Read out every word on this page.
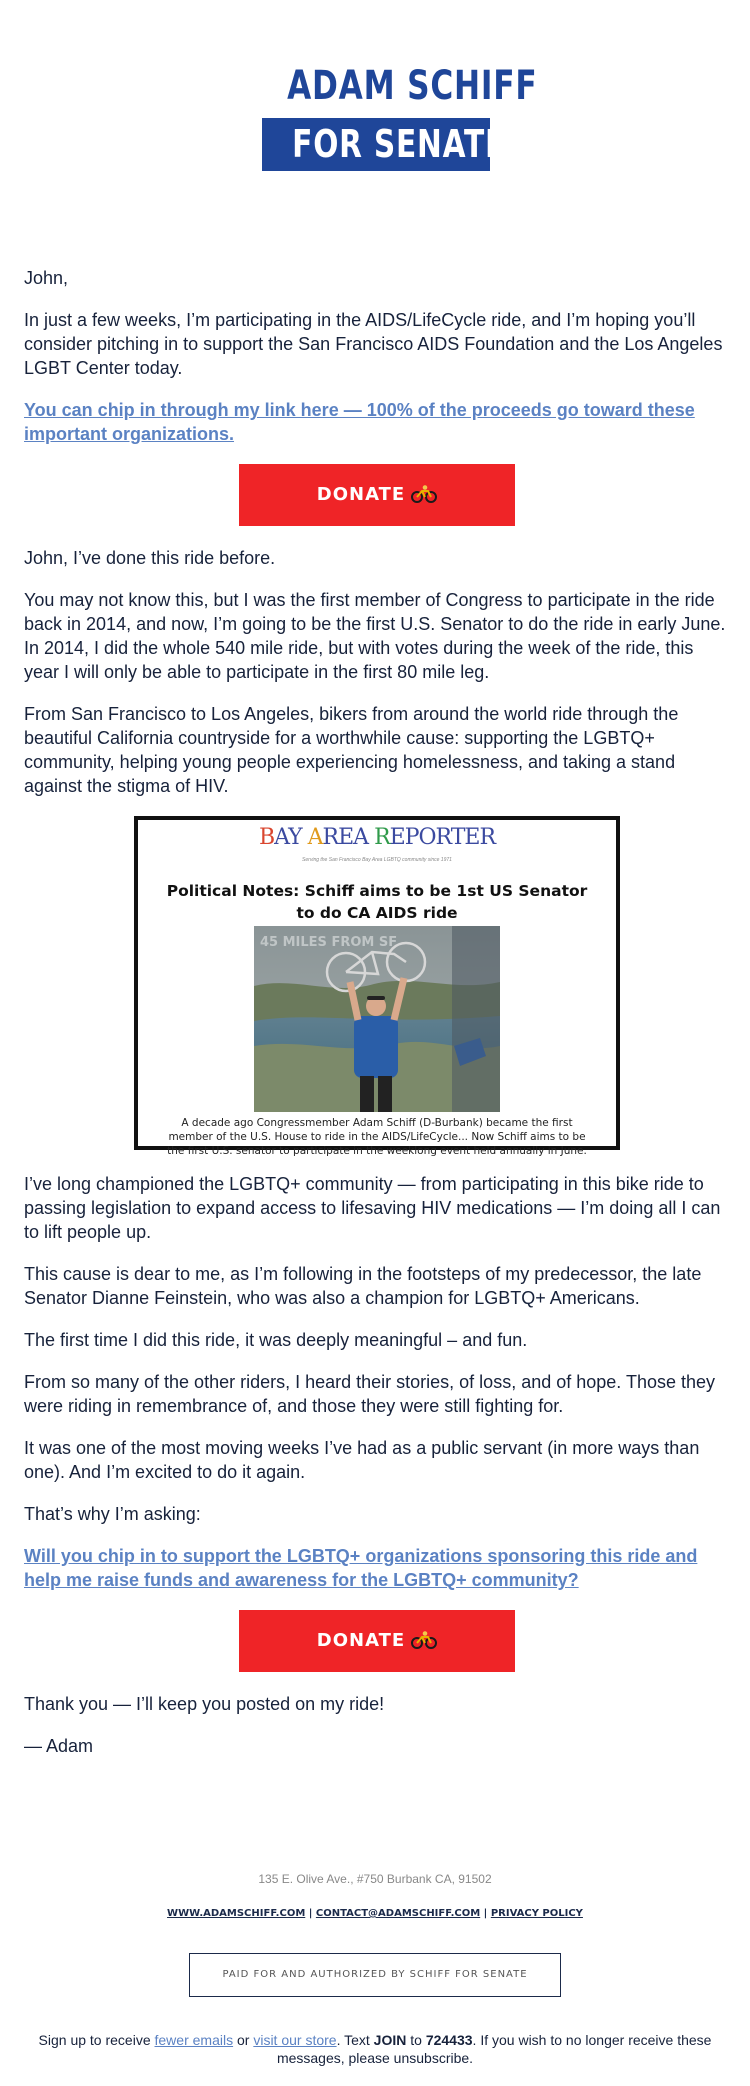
ADAM SCHIFF
FOR SENATE

John,

In just a few weeks, I’m participating in the AIDS/LifeCycle ride, and I’m hoping you’ll consider pitching in to support the San Francisco AIDS Foundation and the Los Angeles LGBT Center today.

You can chip in through my link here — 100% of the proceeds go toward these important organizations.

DONATE

John, I’ve done this ride before.

You may not know this, but I was the first member of Congress to participate in the ride back in 2014, and now, I’m going to be the first U.S. Senator to do the ride in early June. In 2014, I did the whole 540 mile ride, but with votes during the week of the ride, this year I will only be able to participate in the first 80 mile leg.

From San Francisco to Los Angeles, bikers from around the world ride through the beautiful California countryside for a worthwhile cause: supporting the LGBTQ+ community, helping young people experiencing homelessness, and taking a stand against the stigma of HIV.

BAY AREA REPORTER
Serving the San Francisco Bay Area LGBTQ community since 1971
Political Notes: Schiff aims to be 1st US Senator
to do CA AIDS ride
45 MILES FROM SF
A decade ago Congressmember Adam Schiff (D-Burbank) became the first
member of the U.S. House to ride in the AIDS/LifeCycle... Now Schiff aims to be
the first U.S. senator to participate in the weeklong event held annually in June.

I’ve long championed the LGBTQ+ community — from participating in this bike ride to passing legislation to expand access to lifesaving HIV medications — I’m doing all I can to lift people up.

This cause is dear to me, as I’m following in the footsteps of my predecessor, the late Senator Dianne Feinstein, who was also a champion for LGBTQ+ Americans.

The first time I did this ride, it was deeply meaningful – and fun.

From so many of the other riders, I heard their stories, of loss, and of hope. Those they were riding in remembrance of, and those they were still fighting for.

It was one of the most moving weeks I’ve had as a public servant (in more ways than one). And I’m excited to do it again.

That’s why I’m asking:

Will you chip in to support the LGBTQ+ organizations sponsoring this ride and help me raise funds and awareness for the LGBTQ+ community?

DONATE

Thank you — I’ll keep you posted on my ride!

— Adam

135 E. Olive Ave., #750 Burbank CA, 91502
WWW.ADAMSCHIFF.COM | CONTACT@ADAMSCHIFF.COM | PRIVACY POLICY
PAID FOR AND AUTHORIZED BY SCHIFF FOR SENATE
Sign up to receive fewer emails or visit our store. Text JOIN to 724433. If you wish to no longer receive these messages, please unsubscribe.
